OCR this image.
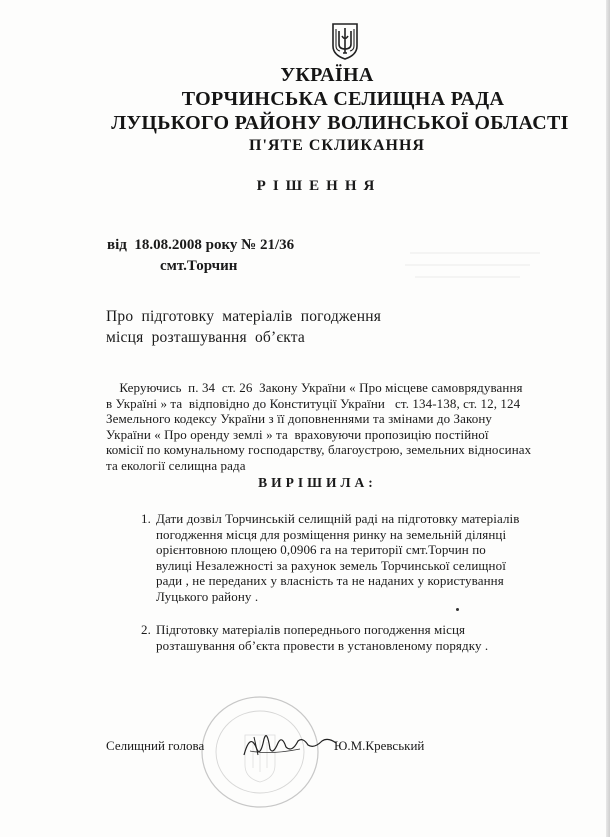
УКРАЇНА
ТОРЧИНСЬКА СЕЛИЩНА РАДА
ЛУЦЬКОГО РАЙОНУ ВОЛИНСЬКОЇ ОБЛАСТІ
П'ЯТЕ СКЛИКАННЯ
РІШЕННЯ
від  18.08.2008 року № 21/36
смт.Торчин
Про  підготовку  матеріалів  погодження
місця  розташування  об’єкта
Керуючись  п. 34  ст. 26  Закону України « Про місцеве самоврядування
в Україні » та  відповідно до Конституції України   ст. 134-138, ст. 12, 124
Земельного кодексу України з її доповненнями та змінами до Закону
України « Про оренду землі » та  враховуючи пропозицію постійної
комісії по комунальному господарству, благоустрою, земельних відносинах
та екології селищна рада
ВИРІШИЛА:
1. Дати дозвіл Торчинській селищній раді на підготовку матеріалів
погодження місця для розміщення ринку на земельній ділянці
орієнтовною площею 0,0906 га на території смт.Торчин по
вулиці Незалежності за рахунок земель Торчинської селищної
ради , не переданих у власність та не наданих у користування
Луцького району .
2. Підготовку матеріалів попереднього погодження місця
розташування об’єкта провести в установленому порядку .
Селищний голова	Ю.М.Кревський
